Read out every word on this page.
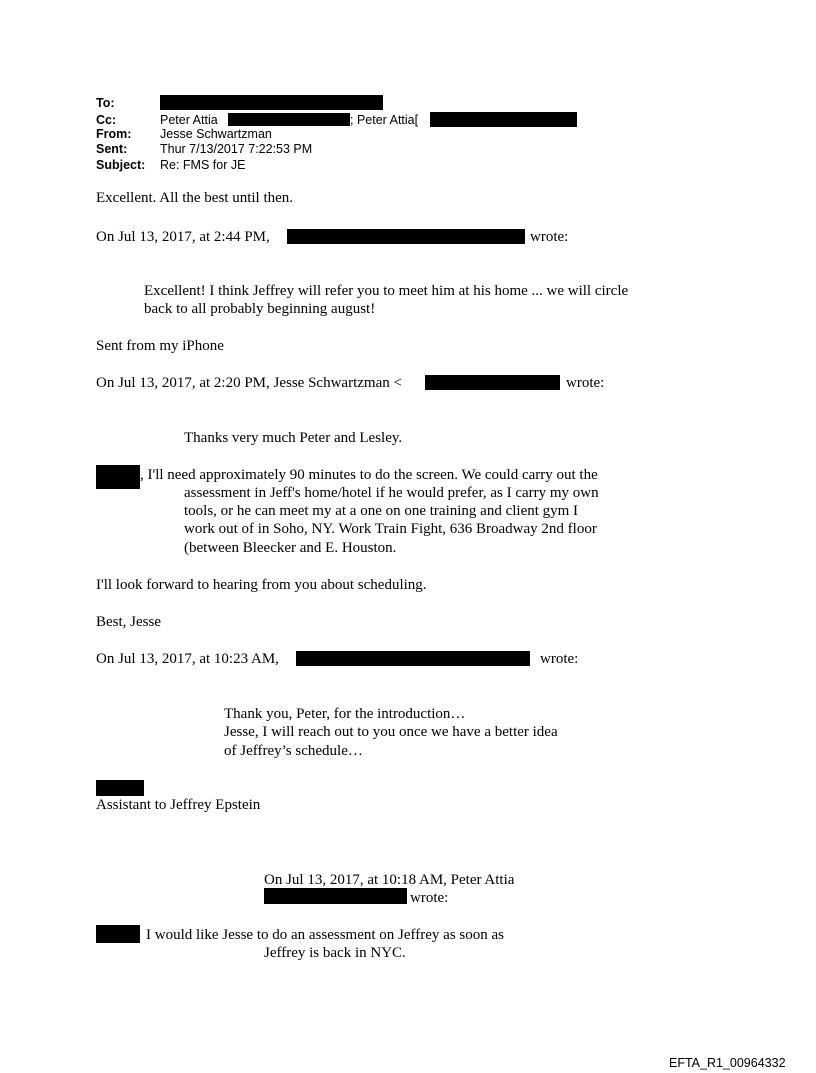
To:
Cc:	Peter Attia	; Peter Attia[
From: Jesse Schwartzman
Sent:	Thur 7/13/2017 7:22:53 PM
Subject: Re: FMS for JE
Excellent. All the best until then.
On Jul 13, 2017, at 2:44 PM,	wrote:
Excellent! I think Jeffrey will refer you to meet him at his home ... we will circle
back to all probably beginning august!
Sent from my iPhone
On Jul 13, 2017, at 2:20 PM, Jesse Schwartzman <	wrote:
Thanks very much Peter and Lesley.
, I'll need approximately 90 minutes to do the screen. We could carry out the
assessment in Jeff's home/hotel if he would prefer, as I carry my own
tools, or he can meet my at a one on one training and client gym I
work out of in Soho, NY. Work Train Fight, 636 Broadway 2nd floor
(between Bleecker and E. Houston.
I'll look forward to hearing from you about scheduling.
Best, Jesse
On Jul 13, 2017, at 10:23 AM,	wrote:
Thank you, Peter, for the introduction…
Jesse, I will reach out to you once we have a better idea
of Jeffrey’s schedule…
Assistant to Jeffrey Epstein
On Jul 13, 2017, at 10:18 AM, Peter Attia
wrote:
I would like Jesse to do an assessment on Jeffrey as soon as
Jeffrey is back in NYC.
EFTA_R1_00964332
